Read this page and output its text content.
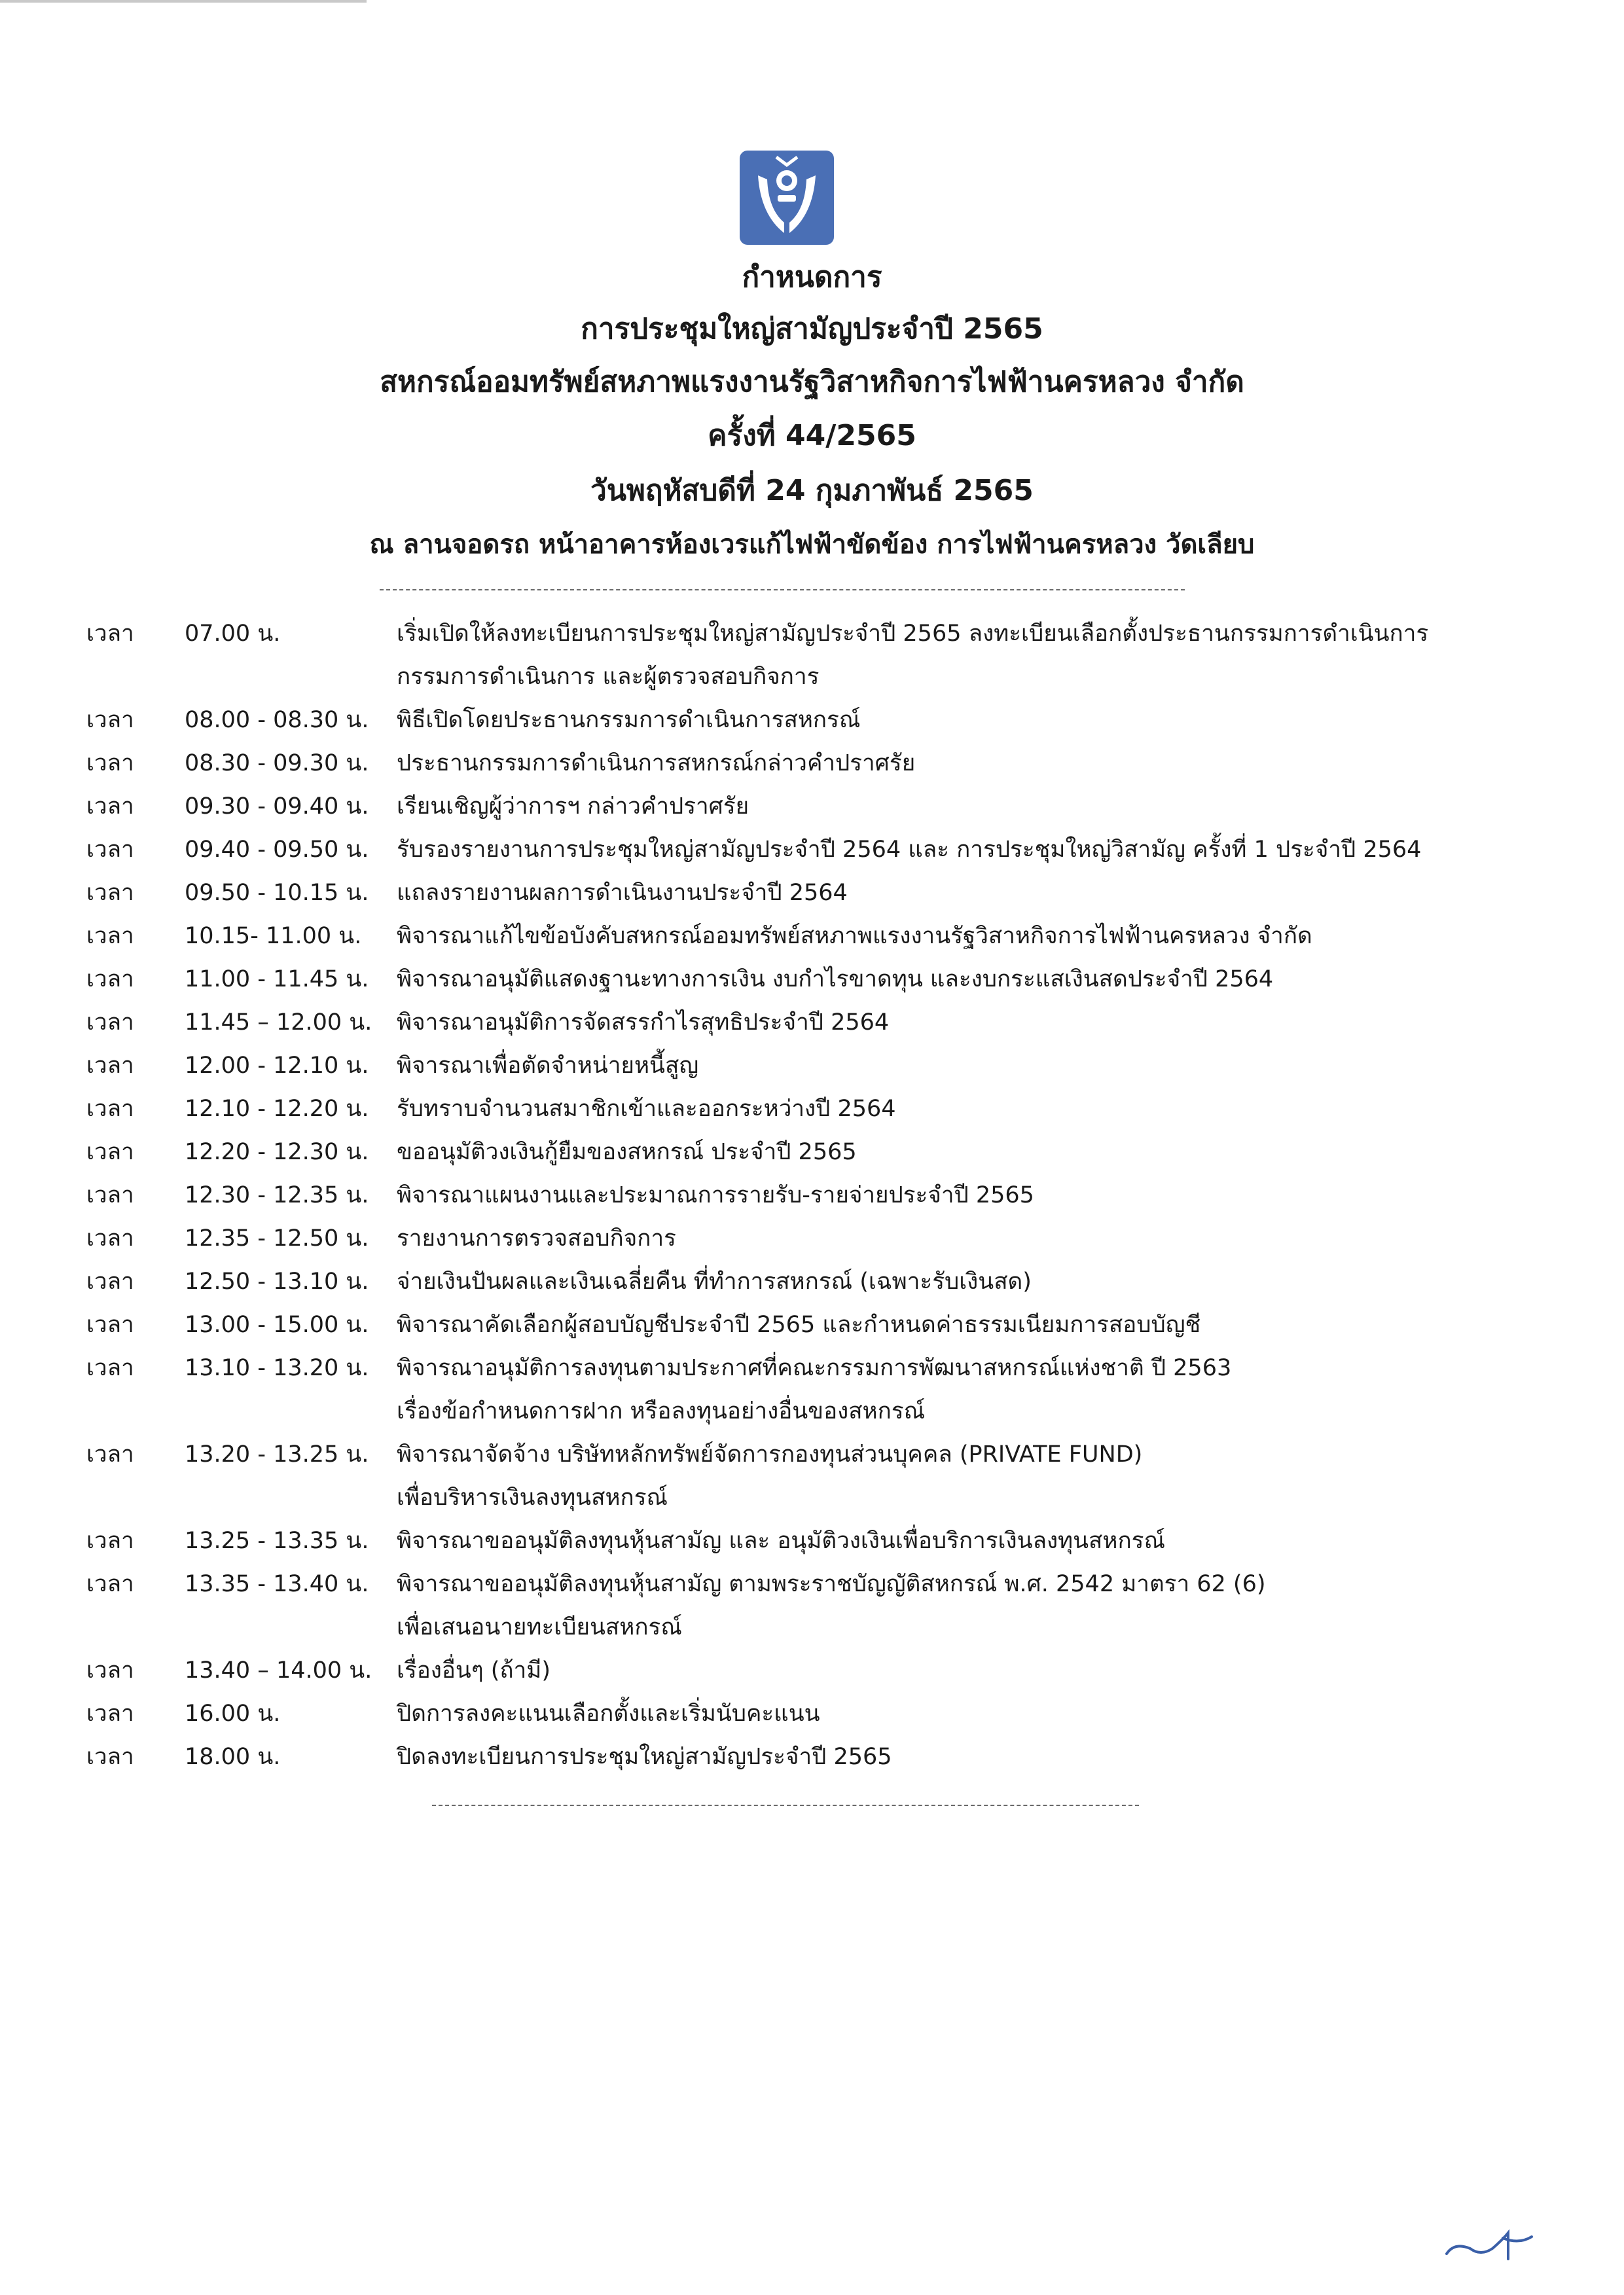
กำหนดการ
การประชุมใหญ่สามัญประจำปี 2565
สหกรณ์ออมทรัพย์สหภาพแรงงานรัฐวิสาหกิจการไฟฟ้านครหลวง จำกัด
ครั้งที่ 44/2565
วันพฤหัสบดีที่ 24 กุมภาพันธ์ 2565
ณ ลานจอดรถ หน้าอาคารห้องเวรแก้ไฟฟ้าขัดข้อง การไฟฟ้านครหลวง วัดเลียบ
เวลา 07.00 น.	เริ่มเปิดให้ลงทะเบียนการประชุมใหญ่สามัญประจำปี 2565 ลงทะเบียนเลือกตั้งประธานกรรมการดำเนินการ
กรรมการดำเนินการ และผู้ตรวจสอบกิจการ
เวลา 08.00 - 08.30 น. พิธีเปิดโดยประธานกรรมการดำเนินการสหกรณ์
เวลา 08.30 - 09.30 น. ประธานกรรมการดำเนินการสหกรณ์กล่าวคำปราศรัย
เวลา 09.30 - 09.40 น. เรียนเชิญผู้ว่าการฯ กล่าวคำปราศรัย
เวลา 09.40 - 09.50 น. รับรองรายงานการประชุมใหญ่สามัญประจำปี 2564 และ การประชุมใหญ่วิสามัญ ครั้งที่ 1 ประจำปี 2564
เวลา 09.50 - 10.15 น. แถลงรายงานผลการดำเนินงานประจำปี 2564
เวลา 10.15- 11.00 น. พิจารณาแก้ไขข้อบังคับสหกรณ์ออมทรัพย์สหภาพแรงงานรัฐวิสาหกิจการไฟฟ้านครหลวง จำกัด
เวลา 11.00 - 11.45 น. พิจารณาอนุมัติแสดงฐานะทางการเงิน งบกำไรขาดทุน และงบกระแสเงินสดประจำปี 2564
เวลา 11.45 – 12.00 น. พิจารณาอนุมัติการจัดสรรกำไรสุทธิประจำปี 2564
เวลา 12.00 - 12.10 น. พิจารณาเพื่อตัดจำหน่ายหนี้สูญ
เวลา 12.10 - 12.20 น. รับทราบจำนวนสมาชิกเข้าและออกระหว่างปี 2564
เวลา 12.20 - 12.30 น. ขออนุมัติวงเงินกู้ยืมของสหกรณ์ ประจำปี 2565
เวลา 12.30 - 12.35 น. พิจารณาแผนงานและประมาณการรายรับ-รายจ่ายประจำปี 2565
เวลา 12.35 - 12.50 น. รายงานการตรวจสอบกิจการ
เวลา 12.50 - 13.10 น. จ่ายเงินปันผลและเงินเฉลี่ยคืน ที่ทำการสหกรณ์ (เฉพาะรับเงินสด)
เวลา 13.00 - 15.00 น. พิจารณาคัดเลือกผู้สอบบัญชีประจำปี 2565 และกำหนดค่าธรรมเนียมการสอบบัญชี
เวลา 13.10 - 13.20 น. พิจารณาอนุมัติการลงทุนตามประกาศที่คณะกรรมการพัฒนาสหกรณ์แห่งชาติ ปี 2563
เรื่องข้อกำหนดการฝาก หรือลงทุนอย่างอื่นของสหกรณ์
เวลา 13.20 - 13.25 น. พิจารณาจัดจ้าง บริษัทหลักทรัพย์จัดการกองทุนส่วนบุคคล (PRIVATE FUND)
เพื่อบริหารเงินลงทุนสหกรณ์
เวลา 13.25 - 13.35 น. พิจารณาขออนุมัติลงทุนหุ้นสามัญ และ อนุมัติวงเงินเพื่อบริการเงินลงทุนสหกรณ์
เวลา 13.35 - 13.40 น. พิจารณาขออนุมัติลงทุนหุ้นสามัญ ตามพระราชบัญญัติสหกรณ์ พ.ศ. 2542 มาตรา 62 (6)
เพื่อเสนอนายทะเบียนสหกรณ์
เวลา 13.40 – 14.00 น. เรื่องอื่นๆ (ถ้ามี)
เวลา 16.00 น.	ปิดการลงคะแนนเลือกตั้งและเริ่มนับคะแนน
เวลา 18.00 น.	ปิดลงทะเบียนการประชุมใหญ่สามัญประจำปี 2565
